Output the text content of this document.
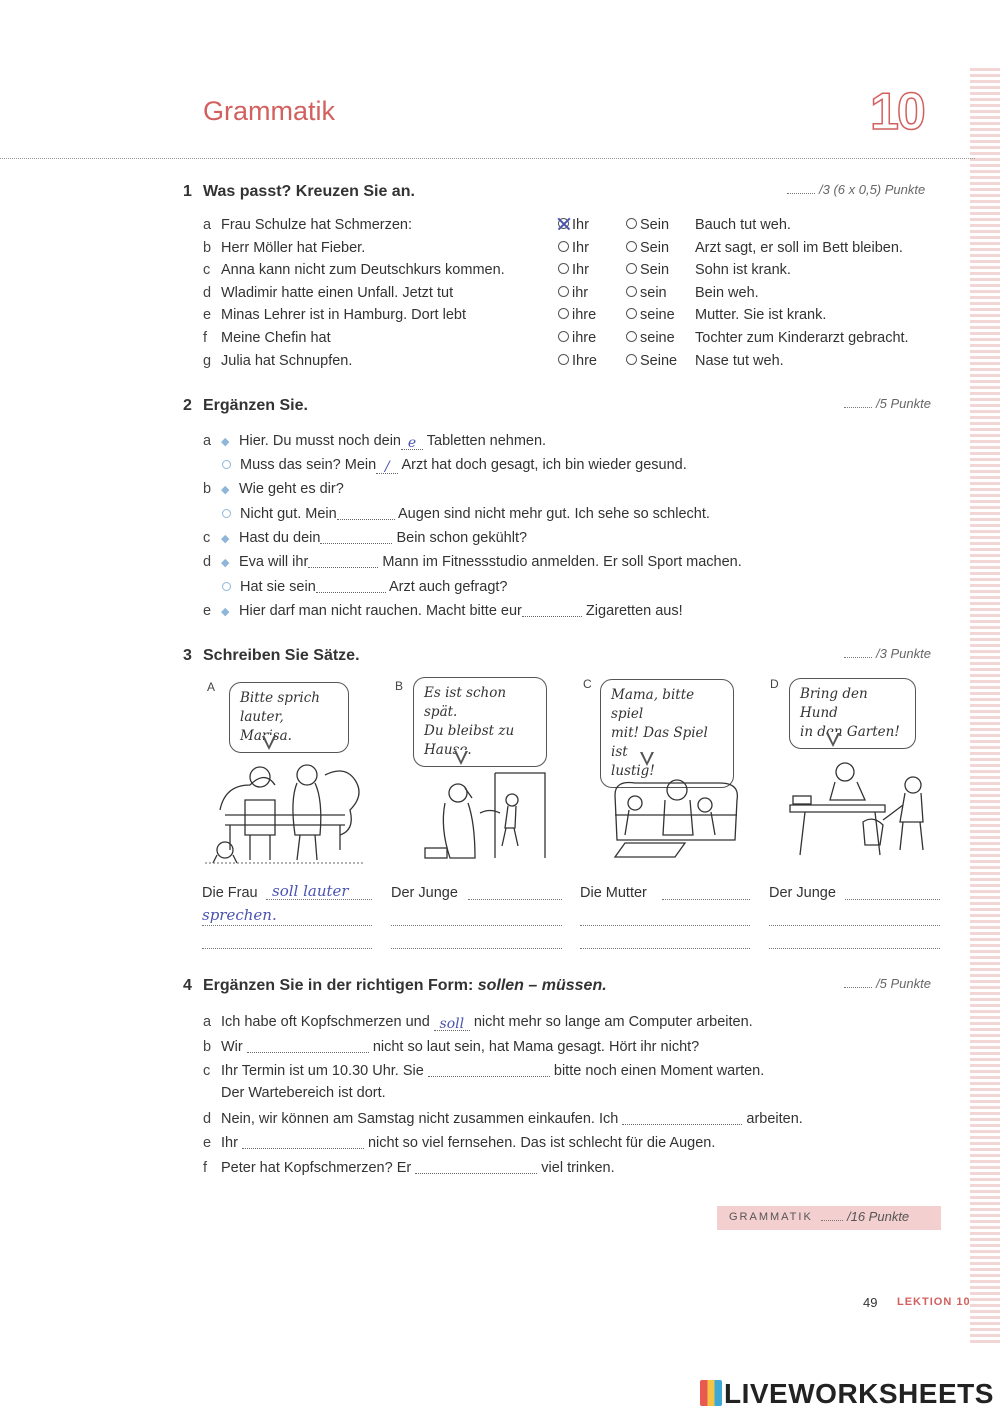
Grammatik	10
1 Was passt? Kreuzen Sie an.	/3 (6 x 0,5) Punkte
a Frau Schulze hat Schmerzen:	Ihr	Sein Bauch tut weh.
b Herr Möller hat Fieber.	Ihr	Sein Arzt sagt, er soll im Bett bleiben.
c Anna kann nicht zum Deutschkurs kommen.	Ihr	Sein Sohn ist krank.
d Wladimir hatte einen Unfall. Jetzt tut	ihr	sein Bein weh.
e Minas Lehrer ist in Hamburg. Dort lebt	ihre	seine Mutter. Sie ist krank.
f Meine Chefin hat	ihre	seine Tochter zum Kinderarzt gebracht.
g Julia hat Schnupfen.	Ihre	Seine Nase tut weh.
2 Ergänzen Sie.	/5 Punkte
a ◆ Hier. Du musst noch dein e Tabletten nehmen.
Muss das sein? Mein / Arzt hat doch gesagt, ich bin wieder gesund.
b ◆ Wie geht es dir?
Nicht gut. Mein	Augen sind nicht mehr gut. Ich sehe so schlecht.
c ◆ Hast du dein	Bein schon gekühlt?
d ◆ Eva will ihr	Mann im Fitnessstudio anmelden. Er soll Sport machen.
Hat sie sein	Arzt auch gefragt?
e ◆ Hier darf man nicht rauchen. Macht bitte eur	Zigaretten aus!
3 Schreiben Sie Sätze.	/3 Punkte
A
Bitte sprich
lauter, Marisa.
Die Frau soll lauter
sprechen.
B Es ist schon spät.
Du bleibst zu
Hause.
Der Junge
C
Mama, bitte spiel
mit! Das Spiel ist
lustig!
Die Mutter
D
Bring den Hund
in den Garten!
Der Junge
4 Ergänzen Sie in der richtigen Form: sollen – müssen.	/5 Punkte
a Ich habe oft Kopfschmerzen und soll nicht mehr so lange am Computer arbeiten.
b Wir	nicht so laut sein, hat Mama gesagt. Hört ihr nicht?
c Ihr Termin ist um 10.30 Uhr. Sie	bitte noch einen Moment warten.
Der Wartebereich ist dort.
d Nein, wir können am Samstag nicht zusammen einkaufen. Ich	arbeiten.
e Ihr	nicht so viel fernsehen. Das ist schlecht für die Augen.
f Peter hat Kopfschmerzen? Er	viel trinken.
GRAMMATIK	/16 Punkte
49 LEKTION 10
LIVEWORKSHEETS
